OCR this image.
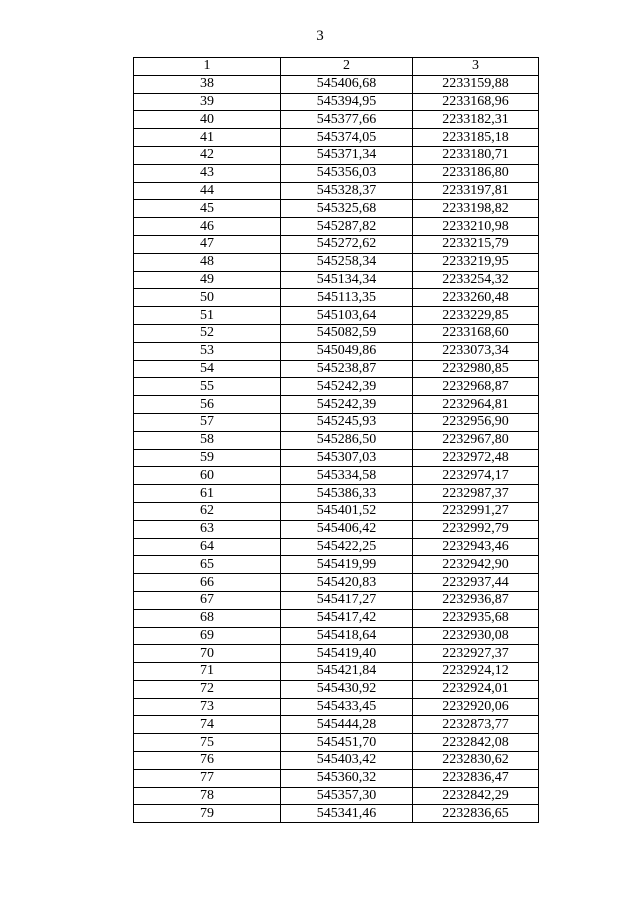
3
1	2	3
38	545406,68	2233159,88
39	545394,95	2233168,96
40	545377,66	2233182,31
41	545374,05	2233185,18
42	545371,34	2233180,71
43	545356,03	2233186,80
44	545328,37	2233197,81
45	545325,68	2233198,82
46	545287,82	2233210,98
47	545272,62	2233215,79
48	545258,34	2233219,95
49	545134,34	2233254,32
50	545113,35	2233260,48
51	545103,64	2233229,85
52	545082,59	2233168,60
53	545049,86	2233073,34
54	545238,87	2232980,85
55	545242,39	2232968,87
56	545242,39	2232964,81
57	545245,93	2232956,90
58	545286,50	2232967,80
59	545307,03	2232972,48
60	545334,58	2232974,17
61	545386,33	2232987,37
62	545401,52	2232991,27
63	545406,42	2232992,79
64	545422,25	2232943,46
65	545419,99	2232942,90
66	545420,83	2232937,44
67	545417,27	2232936,87
68	545417,42	2232935,68
69	545418,64	2232930,08
70	545419,40	2232927,37
71	545421,84	2232924,12
72	545430,92	2232924,01
73	545433,45	2232920,06
74	545444,28	2232873,77
75	545451,70	2232842,08
76	545403,42	2232830,62
77	545360,32	2232836,47
78	545357,30	2232842,29
79	545341,46	2232836,65
